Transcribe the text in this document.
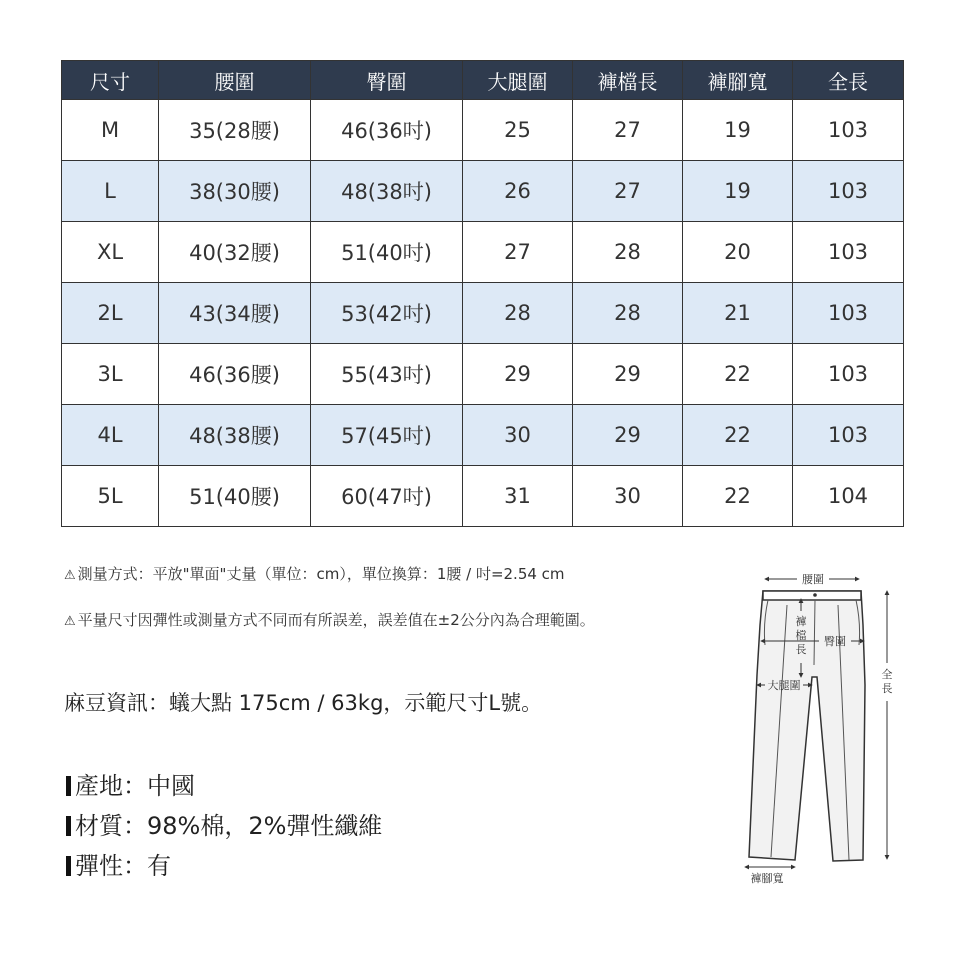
尺寸	腰圍	臀圍	大腿圍	褲檔長	褲腳寬	全長
M	35(28腰)	46(36吋)	25	27	19	103
L	38(30腰)	48(38吋)	26	27	19	103
XL	40(32腰)	51(40吋)	27	28	20	103
2L	43(34腰)	53(42吋)	28	28	21	103
3L	46(36腰)	55(43吋)	29	29	22	103
4L	48(38腰)	57(45吋)	30	29	22	103
5L	51(40腰)	60(47吋)	31	30	22	104
⚠ 測量方式：平放"單面"丈量（單位：cm），單位換算：1腰 / 吋=2.54 cm
⚠ 平量尺寸因彈性或測量方式不同而有所誤差，誤差值在±2公分內為合理範圍。
麻豆資訊：蟻大點 175cm / 63kg，示範尺寸L號。
產地：中國
材質：98%棉，2%彈性纖維
彈性：有
腰圍
褲
檔
長
臀圍
大腿圍
全
長
褲腳寬
